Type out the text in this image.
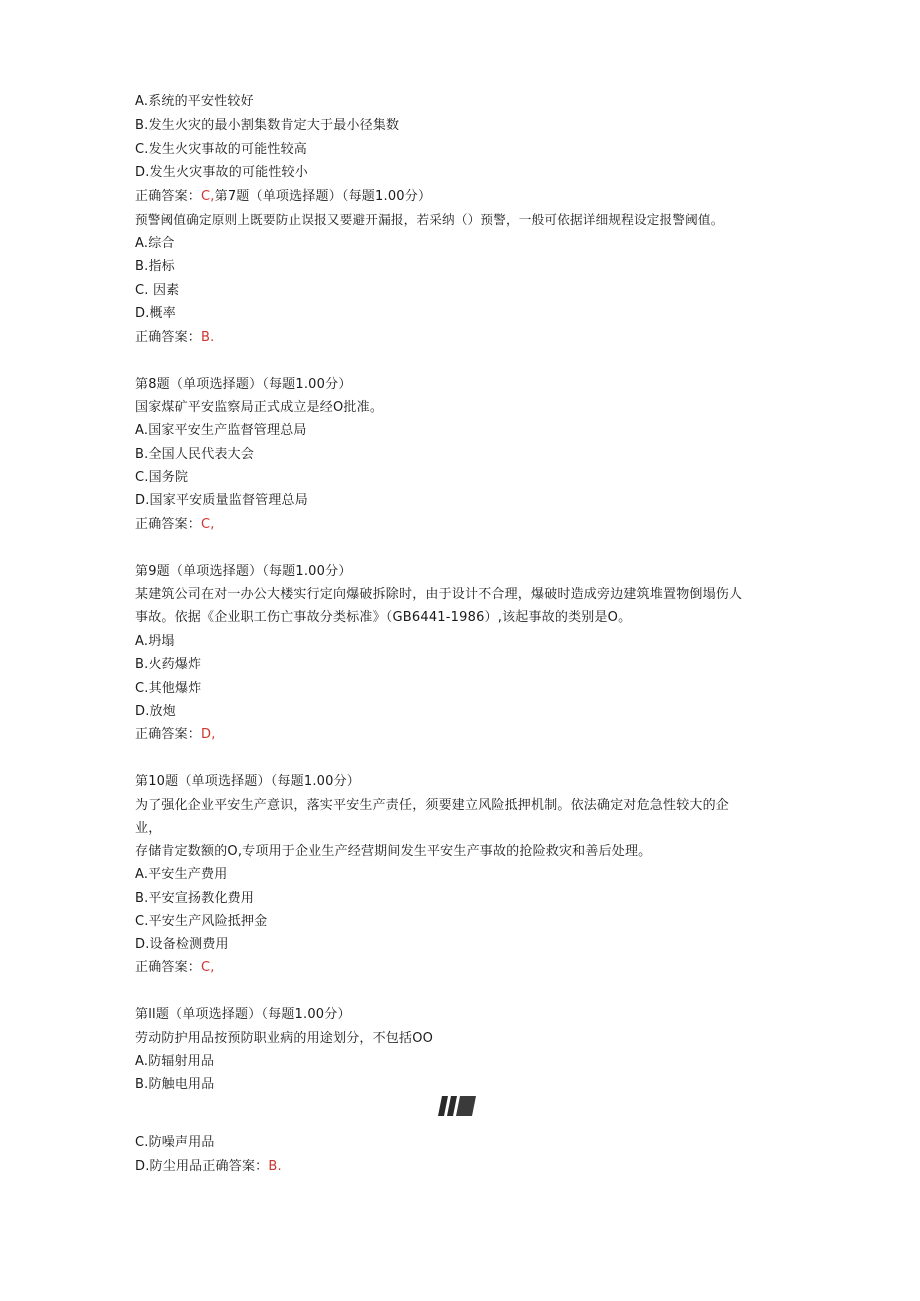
A.系统的平安性较好
B.发生火灾的最小割集数肯定大于最小径集数
C.发生火灾事故的可能性较高
D.发生火灾事故的可能性较小
正确答案：C,第7题（单项选择题）（每题1.00分）
预警阈值确定原则上既要防止误报又要避开漏报，若采纳（）预警，一般可依据详细规程设定报警阈值。
A.综合
B.指标
C. 因素
D.概率
正确答案：B.
第8题（单项选择题）（每题1.00分）
国家煤矿平安监察局正式成立是经O批准。
A.国家平安生产监督管理总局
B.全国人民代表大会
C.国务院
D.国家平安质量监督管理总局
正确答案：C,
第9题（单项选择题）（每题1.00分）
某建筑公司在对一办公大楼实行定向爆破拆除时，由于设计不合理，爆破时造成旁边建筑堆置物倒塌伤人
事故。依据《企业职工伤亡事故分类标准》（GB6441-1986）,该起事故的类别是O。
A.坍塌
B.火药爆炸
C.其他爆炸
D.放炮
正确答案：D,
第10题（单项选择题）（每题1.00分）
为了强化企业平安生产意识，落实平安生产责任，须要建立风险抵押机制。依法确定对危急性较大的企
业，
存储肯定数额的O,专项用于企业生产经营期间发生平安生产事故的抢险救灾和善后处理。
A.平安生产费用
B.平安宣扬教化费用
C.平安生产风险抵押金
D.设备检测费用
正确答案：C,
第ll题（单项选择题）（每题1.00分）
劳动防护用品按预防职业病的用途划分，不包括OO
A.防辐射用品
B.防触电用品
C.防噪声用品
D.防尘用品正确答案：B.
